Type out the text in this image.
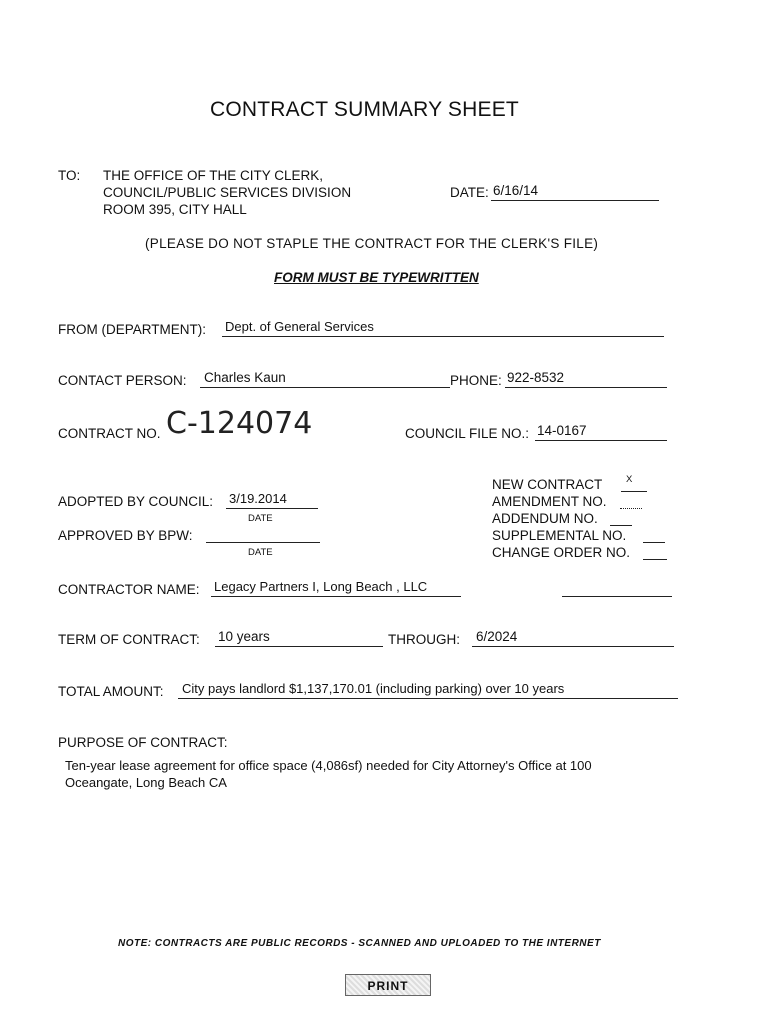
CONTRACT SUMMARY SHEET
TO: THE OFFICE OF THE CITY CLERK,
COUNCIL/PUBLIC SERVICES DIVISION
ROOM 395, CITY HALL
DATE: 6/16/14
(PLEASE DO NOT STAPLE THE CONTRACT FOR THE CLERK'S FILE)
FORM MUST BE TYPEWRITTEN
FROM (DEPARTMENT): Dept. of General Services
CONTACT PERSON: Charles Kaun	PHONE: 922-8532
CONTRACT NO. C-124074	COUNCIL FILE NO.: 14-0167
ADOPTED BY COUNCIL: 3/19.2014
DATE
APPROVED BY BPW:
DATE
NEW CONTRACT	X
AMENDMENT NO.
ADDENDUM NO.
SUPPLEMENTAL NO.
CHANGE ORDER NO.
CONTRACTOR NAME: Legacy Partners I, Long Beach , LLC
TERM OF CONTRACT: 10 years	THROUGH: 6/2024
TOTAL AMOUNT: City pays landlord $1,137,170.01 (including parking) over 10 years
PURPOSE OF CONTRACT:
Ten-year lease agreement for office space (4,086sf) needed for City Attorney's Office at 100
Oceangate, Long Beach CA
NOTE: CONTRACTS ARE PUBLIC RECORDS - SCANNED AND UPLOADED TO THE INTERNET
PRINT
